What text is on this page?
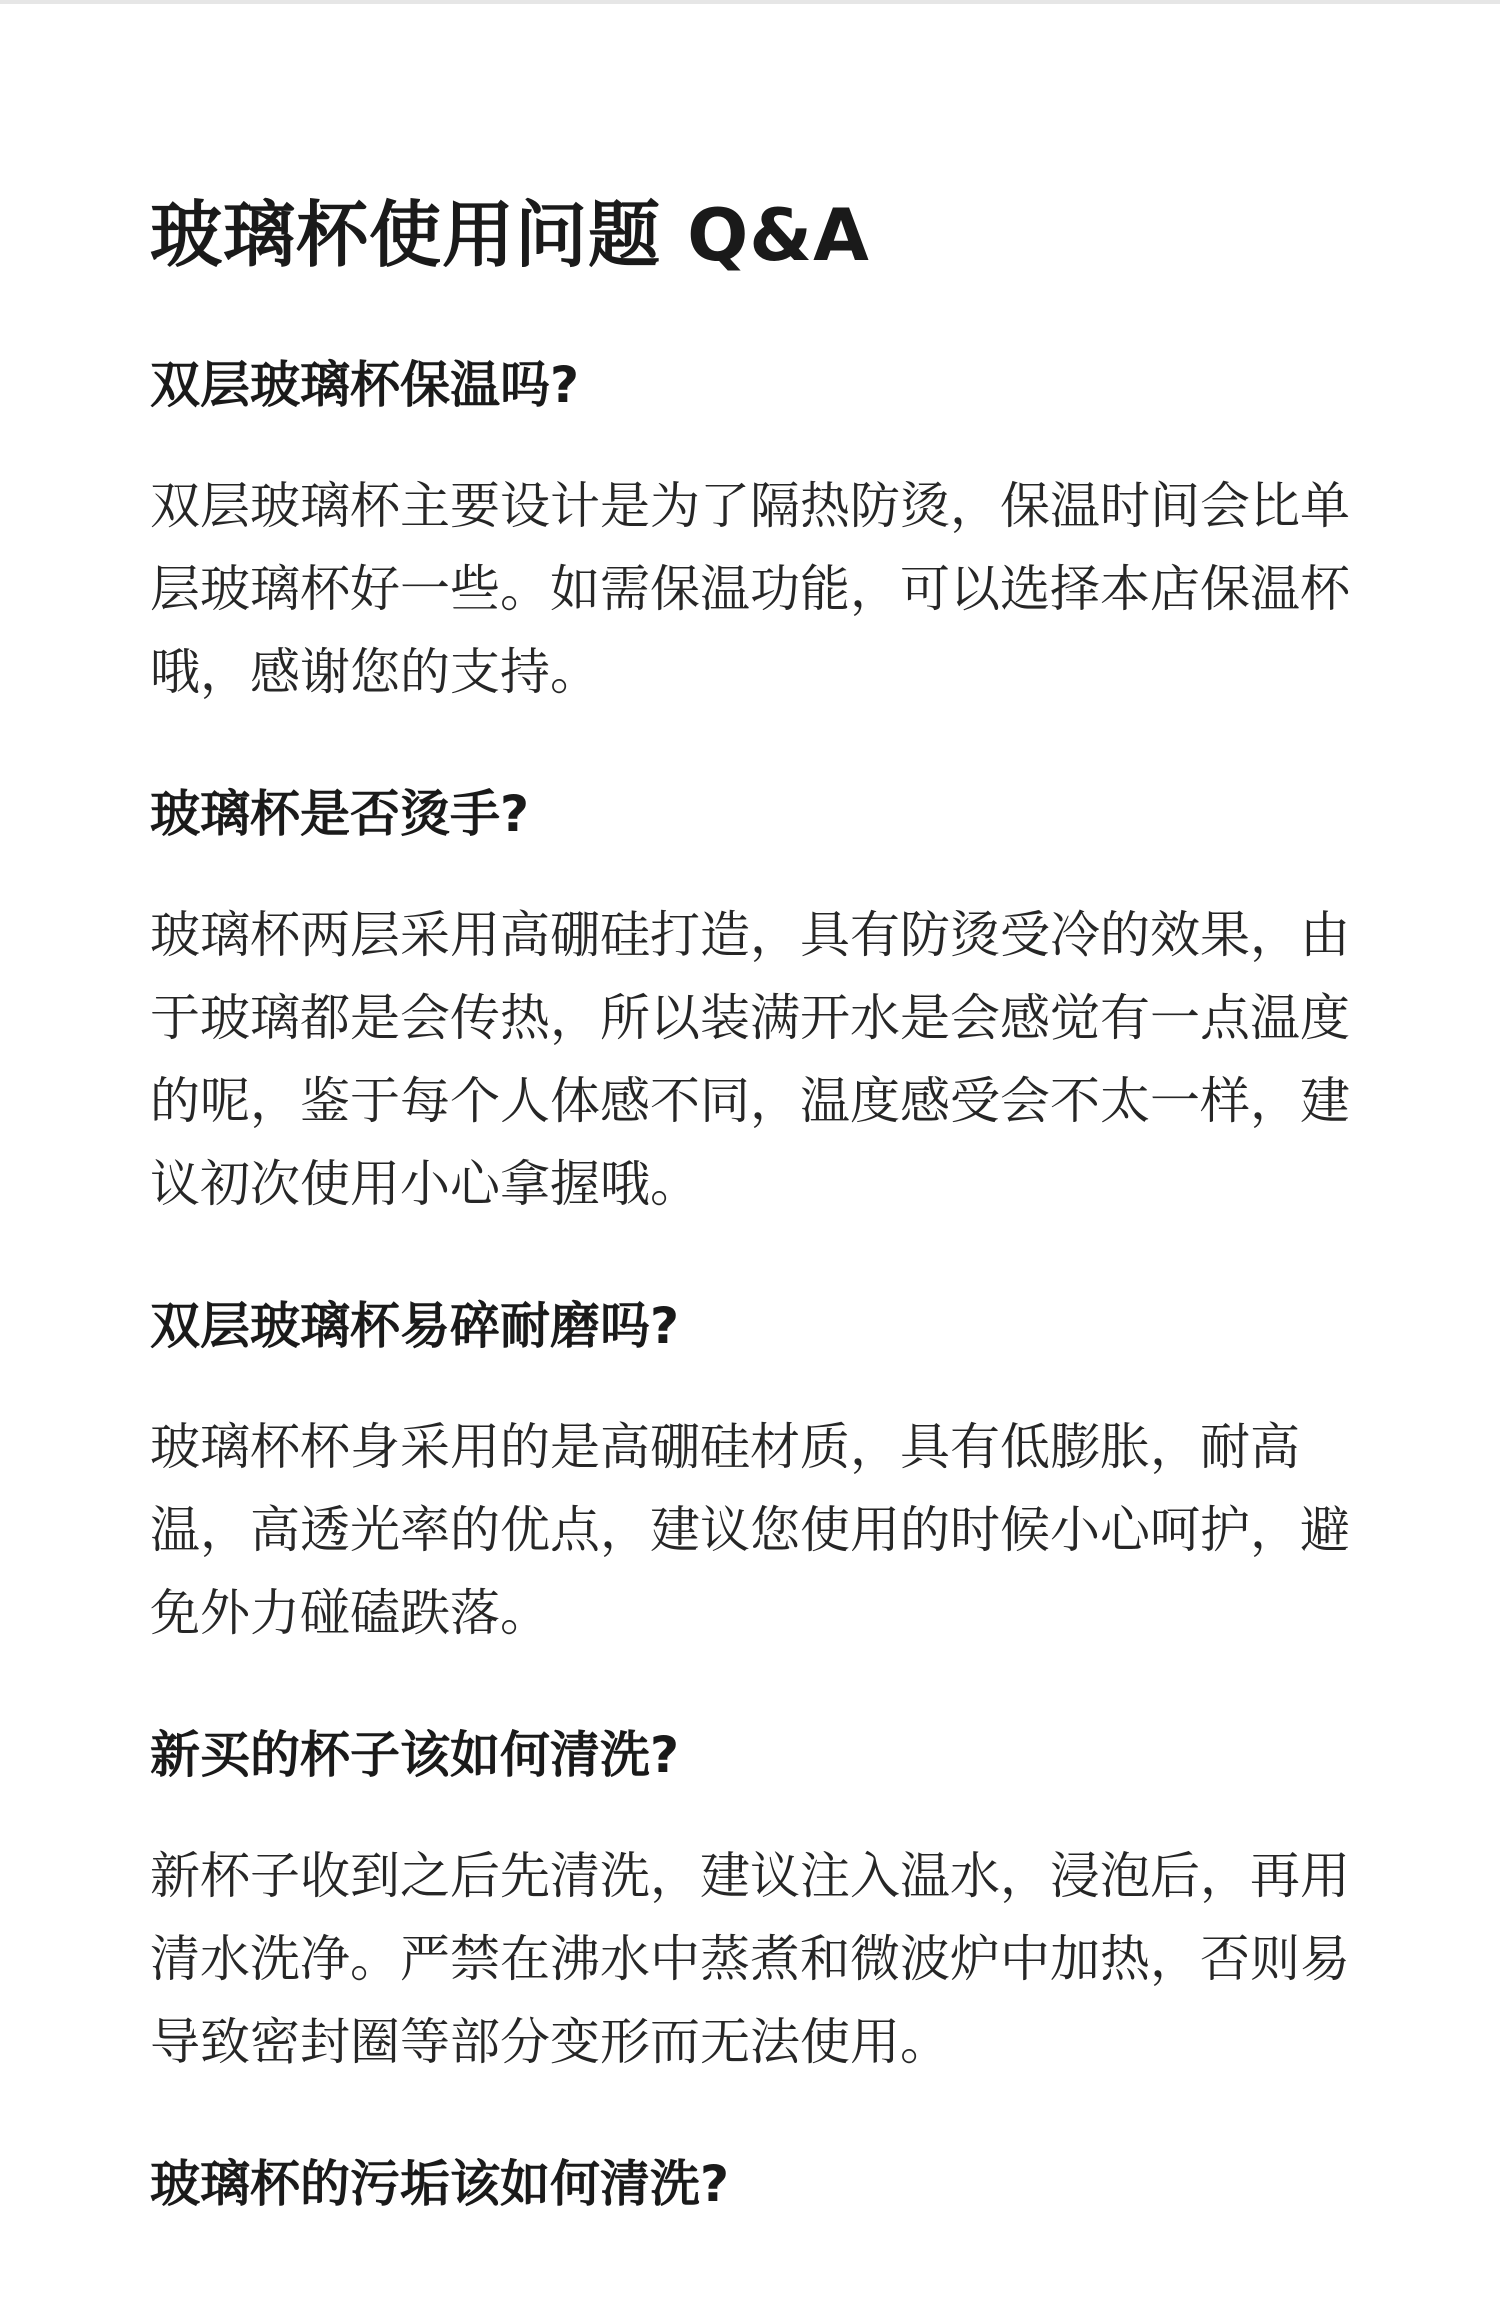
玻璃杯使用问题 Q&A
双层玻璃杯保温吗?

双层玻璃杯主要设计是为了隔热防烫，保温时间会比单层玻璃杯好一些。如需保温功能，可以选择本店保温杯哦，感谢您的支持。

玻璃杯是否烫手?

玻璃杯两层采用高硼硅打造，具有防烫受冷的效果，由于玻璃都是会传热，所以装满开水是会感觉有一点温度的呢，鉴于每个人体感不同，温度感受会不太一样，建议初次使用小心拿握哦。

双层玻璃杯易碎耐磨吗?

玻璃杯杯身采用的是高硼硅材质，具有低膨胀，耐高温，高透光率的优点，建议您使用的时候小心呵护，避免外力碰磕跌落。

新买的杯子该如何清洗?

新杯子收到之后先清洗，建议注入温水，浸泡后，再用清水洗净。严禁在沸水中蒸煮和微波炉中加热，否则易导致密封圈等部分变形而无法使用。

玻璃杯的污垢该如何清洗?
